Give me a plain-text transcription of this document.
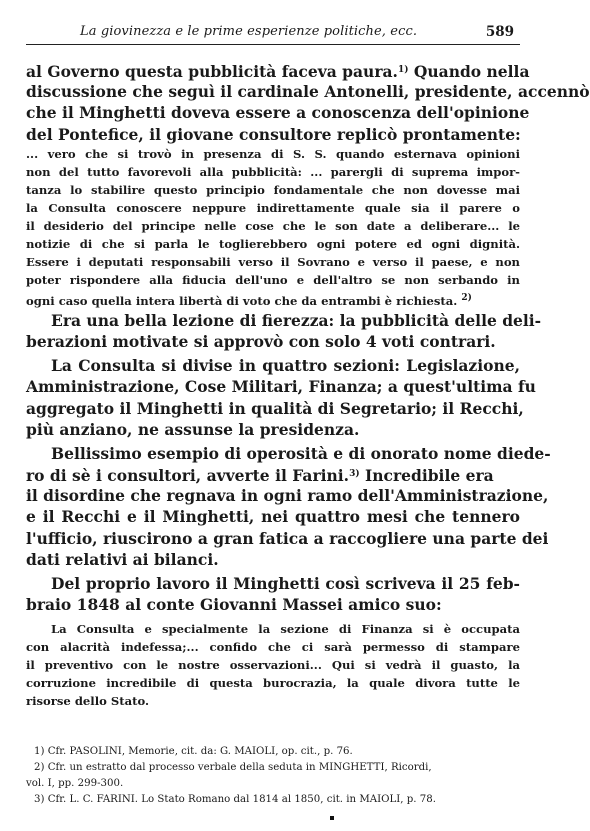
La giovinezza e le prime esperienze politiche, ecc.	589
al Governo questa pubblicità faceva paura.$^{1)}$ Quando nella
discussione che seguì il cardinale Antonelli, presidente, accennò
che il Minghetti doveva essere a conoscenza dell'opinione
del Pontefice, il giovane consultore replicò prontamente:
... vero che si trovò in presenza di S. S. quando esternava opinioni
non del tutto favorevoli alla pubblicità: ... parergli di suprema impor-
tanza lo stabilire questo principio fondamentale che non dovesse mai
la Consulta conoscere neppure indirettamente quale sia il parere o
il desiderio del principe nelle cose che le son date a deliberare... le
notizie di che si parla le toglierebbero ogni potere ed ogni dignità.
Essere i deputati responsabili verso il Sovrano e verso il paese, e non
poter rispondere alla fiducia dell'uno e dell'altro se non serbando in
ogni caso quella intera libertà di voto che da entrambi è richiesta. $^{2)}$
Era una bella lezione di fierezza: la pubblicità delle deli-
berazioni motivate si approvò con solo 4 voti contrari.
La Consulta si divise in quattro sezioni: Legislazione,
Amministrazione, Cose Militari, Finanza; a quest'ultima fu
aggregato il Minghetti in qualità di Segretario; il Recchi,
più anziano, ne assunse la presidenza.
Bellissimo esempio di operosità e di onorato nome diede-
ro di sè i consultori, avverte il Farini.$^{3)}$ Incredibile era
il disordine che regnava in ogni ramo dell'Amministrazione,
e il Recchi e il Minghetti, nei quattro mesi che tennero
l'ufficio, riuscirono a gran fatica a raccogliere una parte dei
dati relativi ai bilanci.
Del proprio lavoro il Minghetti così scriveva il 25 feb-
braio 1848 al conte Giovanni Massei amico suo:
La Consulta e specialmente la sezione di Finanza si è occupata
con alacrità indefessa;... confido che ci sarà permesso di stampare
il preventivo con le nostre osservazioni... Qui si vedrà il guasto, la
corruzione incredibile di questa burocrazia, la quale divora tutte le
risorse dello Stato.
1) Cfr. PASOLINI, Memorie, cit. da: G. MAIOLI, op. cit., p. 76.
2) Cfr. un estratto dal processo verbale della seduta in MINGHETTI, Ricordi,
vol. I, pp. 299-300.
3) Cfr. L. C. FARINI. Lo Stato Romano dal 1814 al 1850, cit. in MAIOLI, p. 78.
